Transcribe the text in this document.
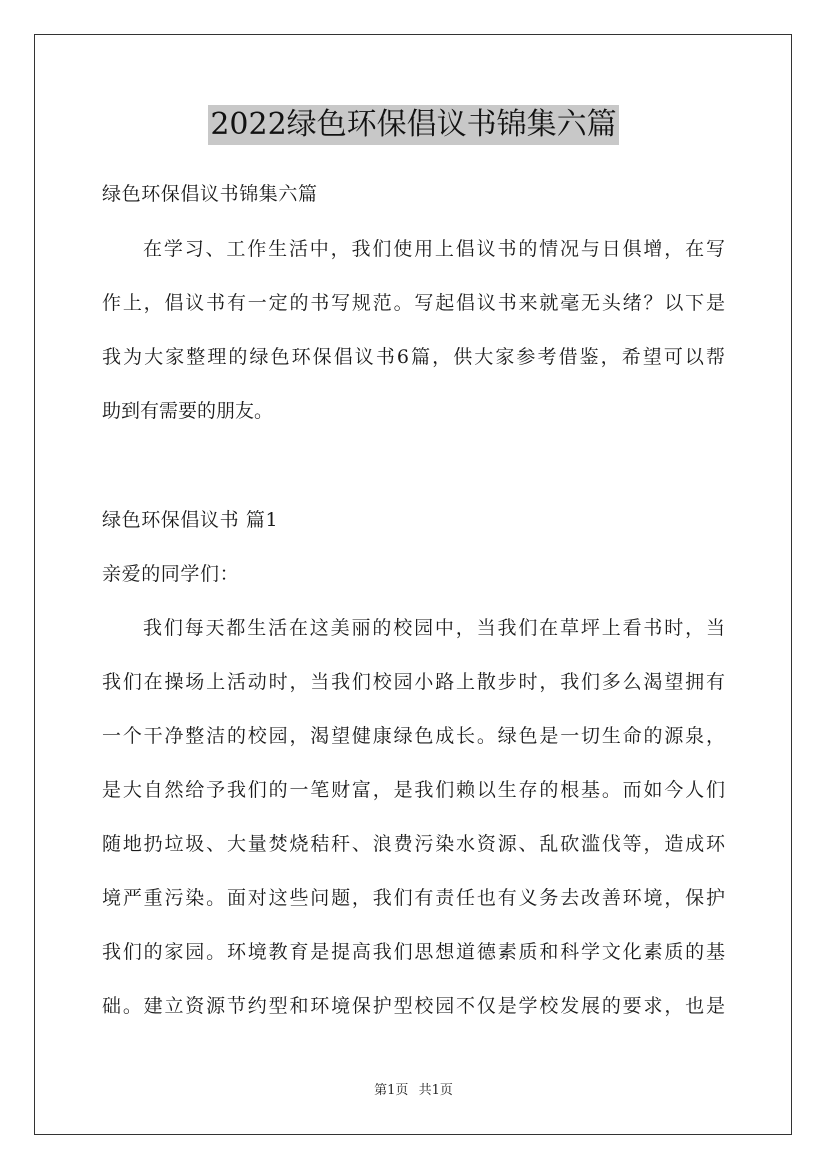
2022绿色环保倡议书锦集六篇
绿色环保倡议书锦集六篇
在学习、工作生活中，我们使用上倡议书的情况与日俱增，在写
作上，倡议书有一定的书写规范。写起倡议书来就毫无头绪？以下是
我为大家整理的绿色环保倡议书6篇，供大家参考借鉴，希望可以帮
助到有需要的朋友。
绿色环保倡议书 篇1
亲爱的同学们：
我们每天都生活在这美丽的校园中，当我们在草坪上看书时，当
我们在操场上活动时，当我们校园小路上散步时，我们多么渴望拥有
一个干净整洁的校园，渴望健康绿色成长。绿色是一切生命的源泉，
是大自然给予我们的一笔财富，是我们赖以生存的根基。而如今人们
随地扔垃圾、大量焚烧秸秆、浪费污染水资源、乱砍滥伐等，造成环
境严重污染。面对这些问题，我们有责任也有义务去改善环境，保护
我们的家园。环境教育是提高我们思想道德素质和科学文化素质的基
础。建立资源节约型和环境保护型校园不仅是学校发展的要求，也是
第1页 共1页
